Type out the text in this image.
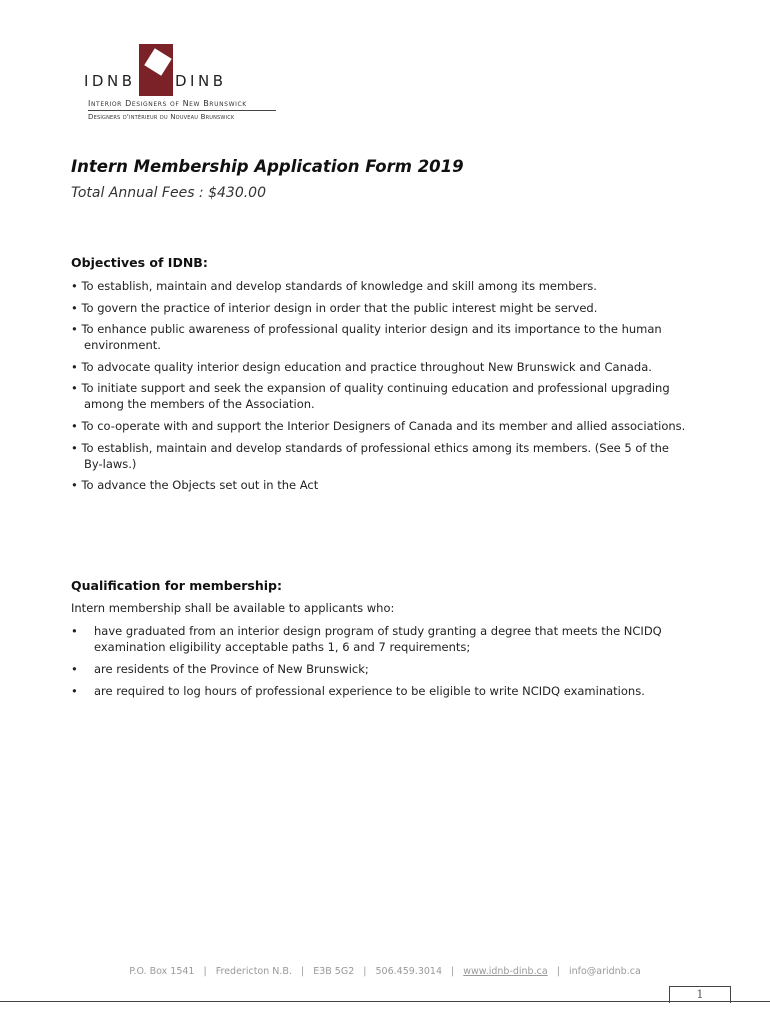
IDNB	DINB
Interior Designers of New Brunswick
Designers d'intérieur du Nouveau Brunswick
Intern Membership Application Form 2019
Total Annual Fees : $430.00
Objectives of IDNB:
• To establish, maintain and develop standards of knowledge and skill among its members.
• To govern the practice of interior design in order that the public interest might be served.
• To enhance public awareness of professional quality interior design and its importance to the human environment.
• To advocate quality interior design education and practice throughout New Brunswick and Canada.
• To initiate support and seek the expansion of quality continuing education and professional upgrading among the members of the Association.
• To co-operate with and support the Interior Designers of Canada and its member and allied associations.
• To establish, maintain and develop standards of professional ethics among its members. (See 5 of the By-laws.)
• To advance the Objects set out in the Act
Qualification for membership:
Intern membership shall be available to applicants who:
• have graduated from an interior design program of study granting a degree that meets the NCIDQ examination eligibility acceptable paths 1, 6 and 7 requirements;
• are residents of the Province of New Brunswick;
• are required to log hours of professional experience to be eligible to write NCIDQ examinations.
P.O. Box 1541 | Fredericton N.B. | E3B 5G2 | 506.459.3014 | www.idnb-dinb.ca | info@aridnb.ca
1
